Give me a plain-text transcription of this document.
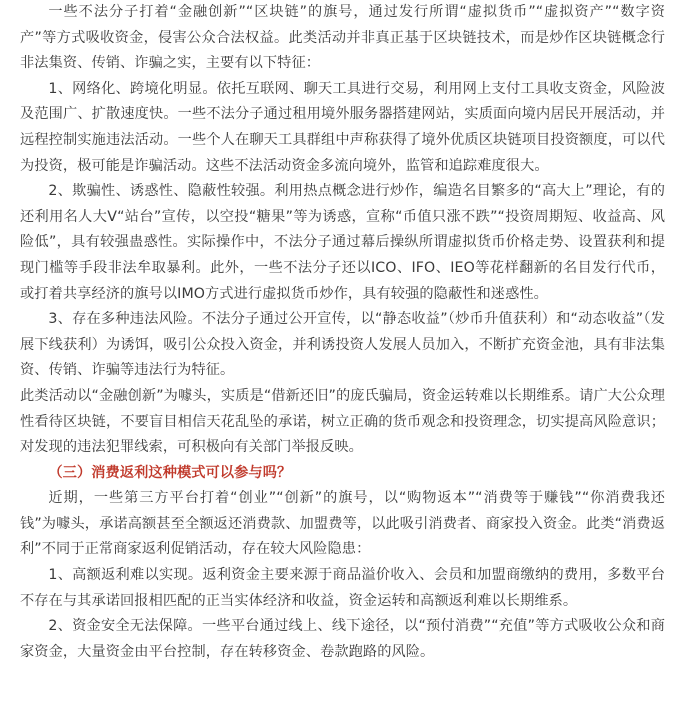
一些不法分子打着“金融创新”“区块链”的旗号，通过发行所谓“虚拟货币”“虚拟资产”“数字资产”等方式吸收资金，侵害公众合法权益。此类活动并非真正基于区块链技术，而是炒作区块链概念行非法集资、传销、诈骗之实，主要有以下特征：

1、网络化、跨境化明显。依托互联网、聊天工具进行交易，利用网上支付工具收支资金，风险波及范围广、扩散速度快。一些不法分子通过租用境外服务器搭建网站，实质面向境内居民开展活动，并远程控制实施违法活动。一些个人在聊天工具群组中声称获得了境外优质区块链项目投资额度，可以代为投资，极可能是诈骗活动。这些不法活动资金多流向境外，监管和追踪难度很大。

2、欺骗性、诱惑性、隐蔽性较强。利用热点概念进行炒作，编造名目繁多的“高大上”理论，有的还利用名人大V“站台”宣传，以空投“糖果”等为诱惑，宣称“币值只涨不跌”“投资周期短、收益高、风险低”，具有较强蛊惑性。实际操作中，不法分子通过幕后操纵所谓虚拟货币价格走势、设置获利和提现门槛等手段非法牟取暴利。此外，一些不法分子还以ICO、IFO、IEO等花样翻新的名目发行代币，或打着共享经济的旗号以IMO方式进行虚拟货币炒作，具有较强的隐蔽性和迷惑性。

3、存在多种违法风险。不法分子通过公开宣传，以“静态收益”（炒币升值获利）和“动态收益”（发展下线获利）为诱饵，吸引公众投入资金，并利诱投资人发展人员加入，不断扩充资金池，具有非法集资、传销、诈骗等违法行为特征。

此类活动以“金融创新”为噱头，实质是“借新还旧”的庞氏骗局，资金运转难以长期维系。请广大公众理性看待区块链，不要盲目相信天花乱坠的承诺，树立正确的货币观念和投资理念，切实提高风险意识；对发现的违法犯罪线索，可积极向有关部门举报反映。

（三）消费返利这种模式可以参与吗？

近期，一些第三方平台打着“创业”“创新”的旗号，以“购物返本”“消费等于赚钱”“你消费我还钱”为噱头，承诺高额甚至全额返还消费款、加盟费等，以此吸引消费者、商家投入资金。此类“消费返利”不同于正常商家返利促销活动，存在较大风险隐患：

1、高额返利难以实现。返利资金主要来源于商品溢价收入、会员和加盟商缴纳的费用，多数平台不存在与其承诺回报相匹配的正当实体经济和收益，资金运转和高额返利难以长期维系。

2、资金安全无法保障。一些平台通过线上、线下途径，以“预付消费”“充值”等方式吸收公众和商家资金，大量资金由平台控制，存在转移资金、卷款跑路的风险。
